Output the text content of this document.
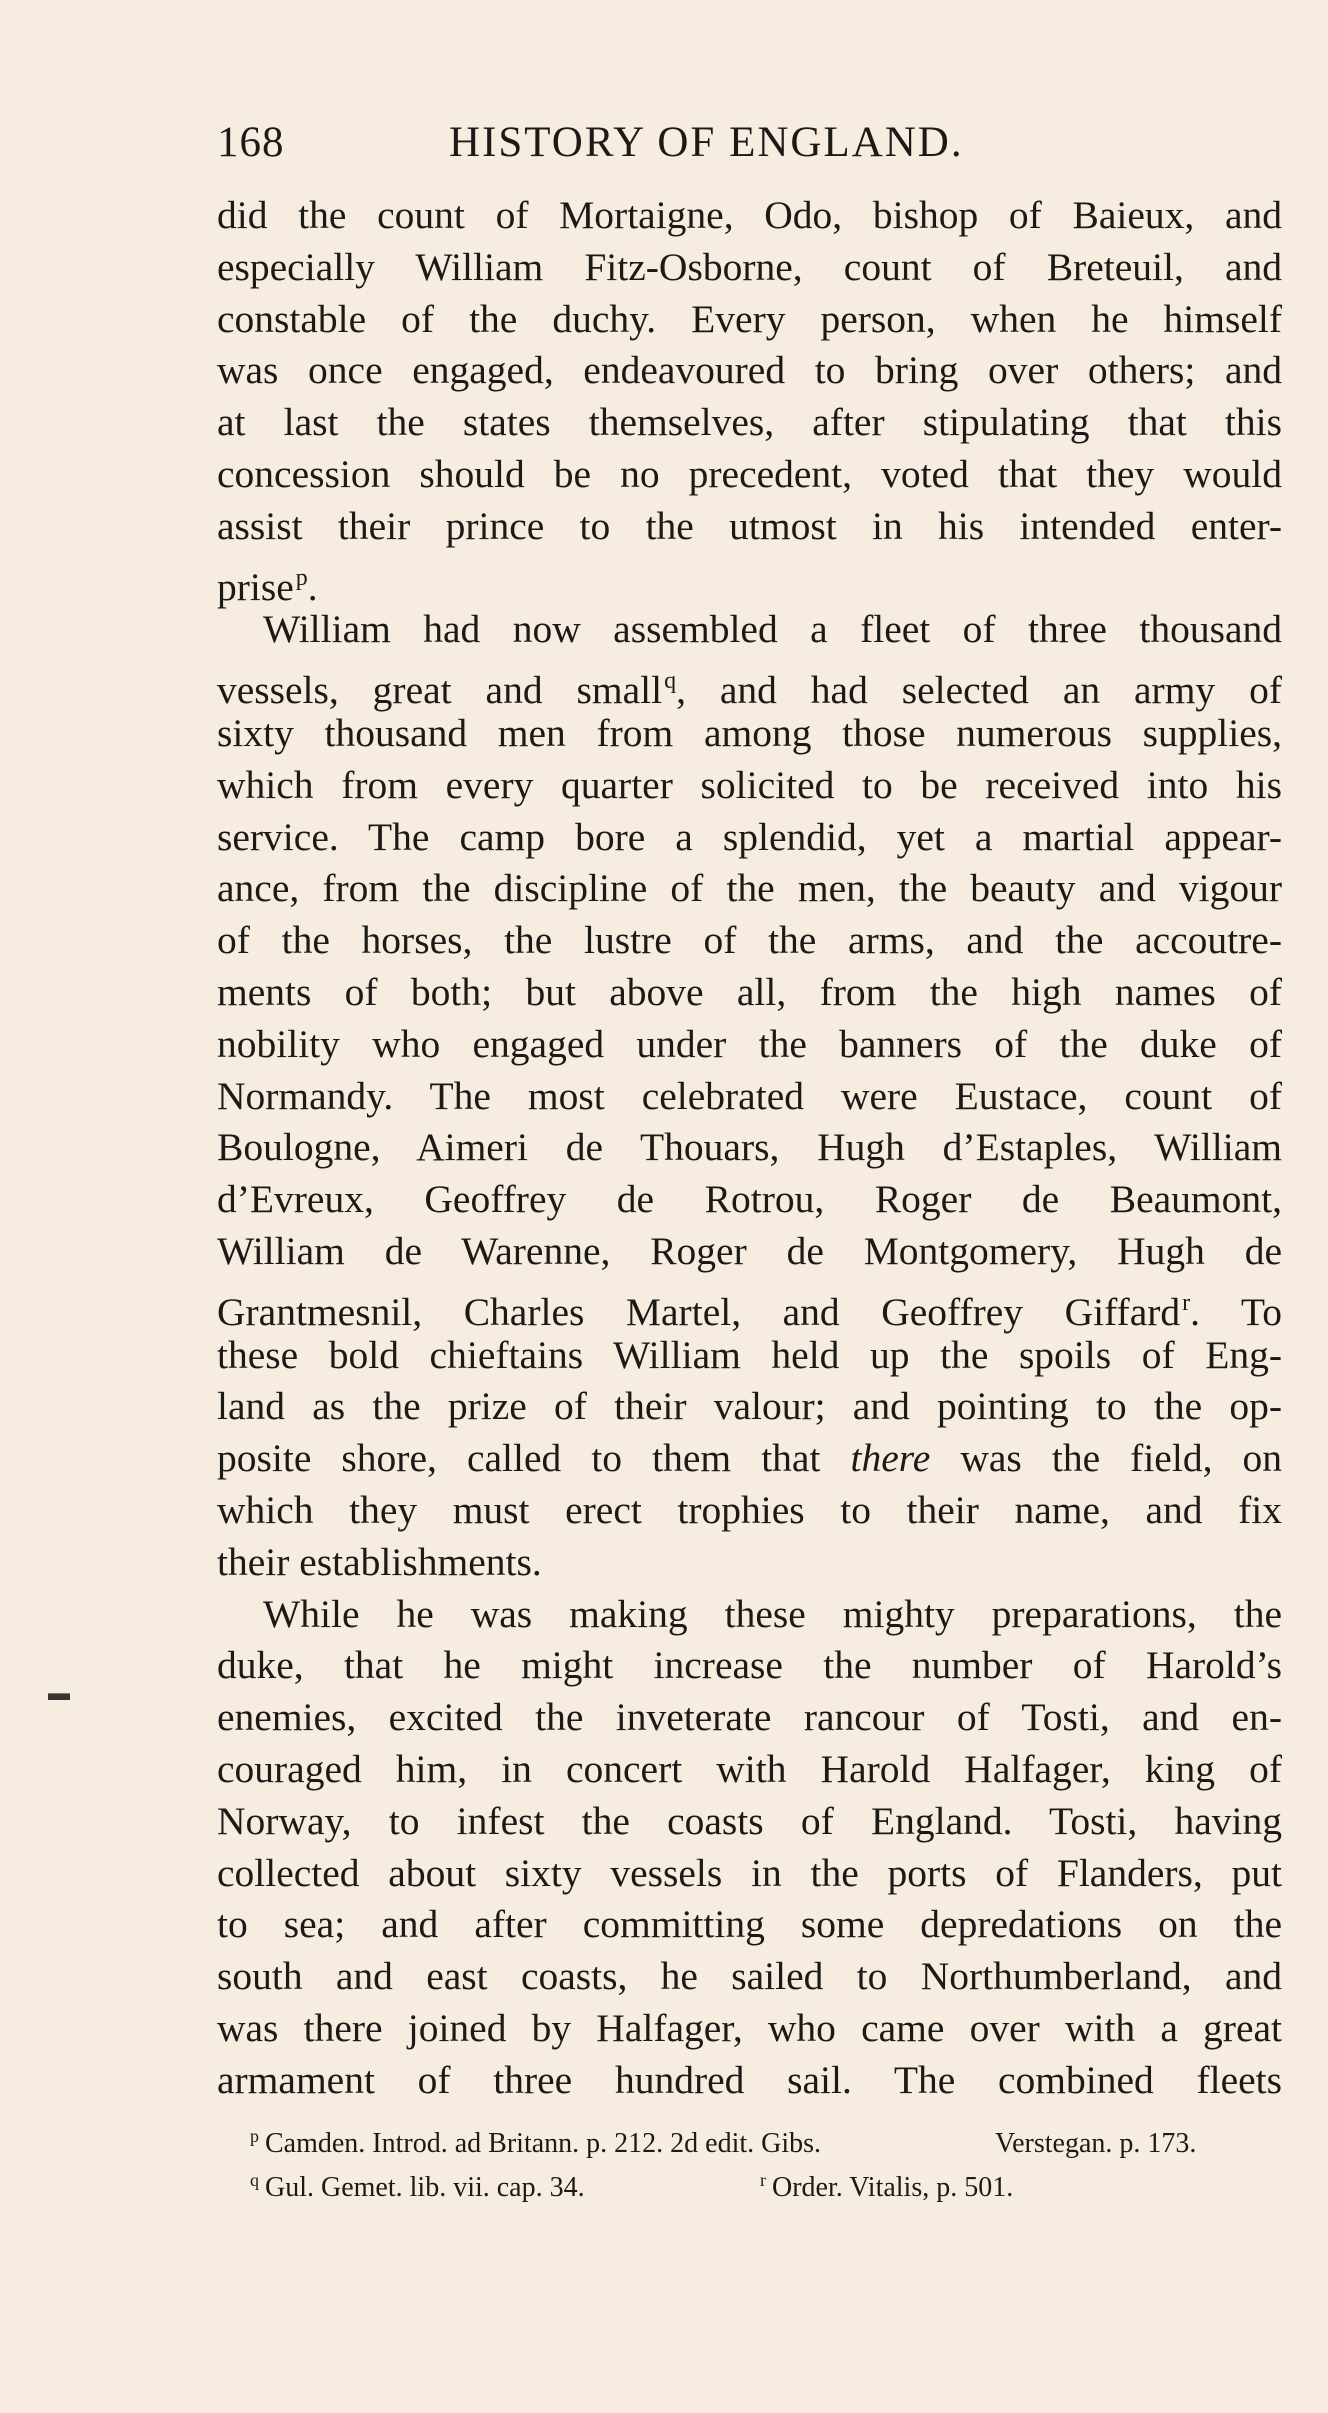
168	HISTORY OF ENGLAND.
did the count of Mortaigne, Odo, bishop of Baieux, and
especially William Fitz-Osborne, count of Breteuil, and
constable of the duchy. Every person, when he himself
was once engaged, endeavoured to bring over others; and
at last the states themselves, after stipulating that this
concession should be no precedent, voted that they would
assist their prince to the utmost in his intended enter-
prise$^p$.
William had now assembled a fleet of three thousand
vessels, great and small$^q$, and had selected an army of
sixty thousand men from among those numerous supplies,
which from every quarter solicited to be received into his
service. The camp bore a splendid, yet a martial appear-
ance, from the discipline of the men, the beauty and vigour
of the horses, the lustre of the arms, and the accoutre-
ments of both; but above all, from the high names of
nobility who engaged under the banners of the duke of
Normandy. The most celebrated were Eustace, count of
Boulogne, Aimeri de Thouars, Hugh d’Estaples, William
d’Evreux, Geoffrey de Rotrou, Roger de Beaumont,
William de Warenne, Roger de Montgomery, Hugh de
Grantmesnil, Charles Martel, and Geoffrey Giffard$^r$. To
these bold chieftains William held up the spoils of Eng-
land as the prize of their valour; and pointing to the op-
posite shore, called to them that there was the field, on
which they must erect trophies to their name, and fix
their establishments.
While he was making these mighty preparations, the
duke, that he might increase the number of Harold’s
enemies, excited the inveterate rancour of Tosti, and en-
couraged him, in concert with Harold Halfager, king of
Norway, to infest the coasts of England. Tosti, having
collected about sixty vessels in the ports of Flanders, put
to sea; and after committing some depredations on the
south and east coasts, he sailed to Northumberland, and
was there joined by Halfager, who came over with a great
armament of three hundred sail. The combined fleets
▬
$^p$ Camden. Introd. ad Britann. p. 212. 2d edit. Gibs.	Verstegan. p. 173.
$^q$ Gul. Gemet. lib. vii. cap. 34.	$^r$ Order. Vitalis, p. 501.
